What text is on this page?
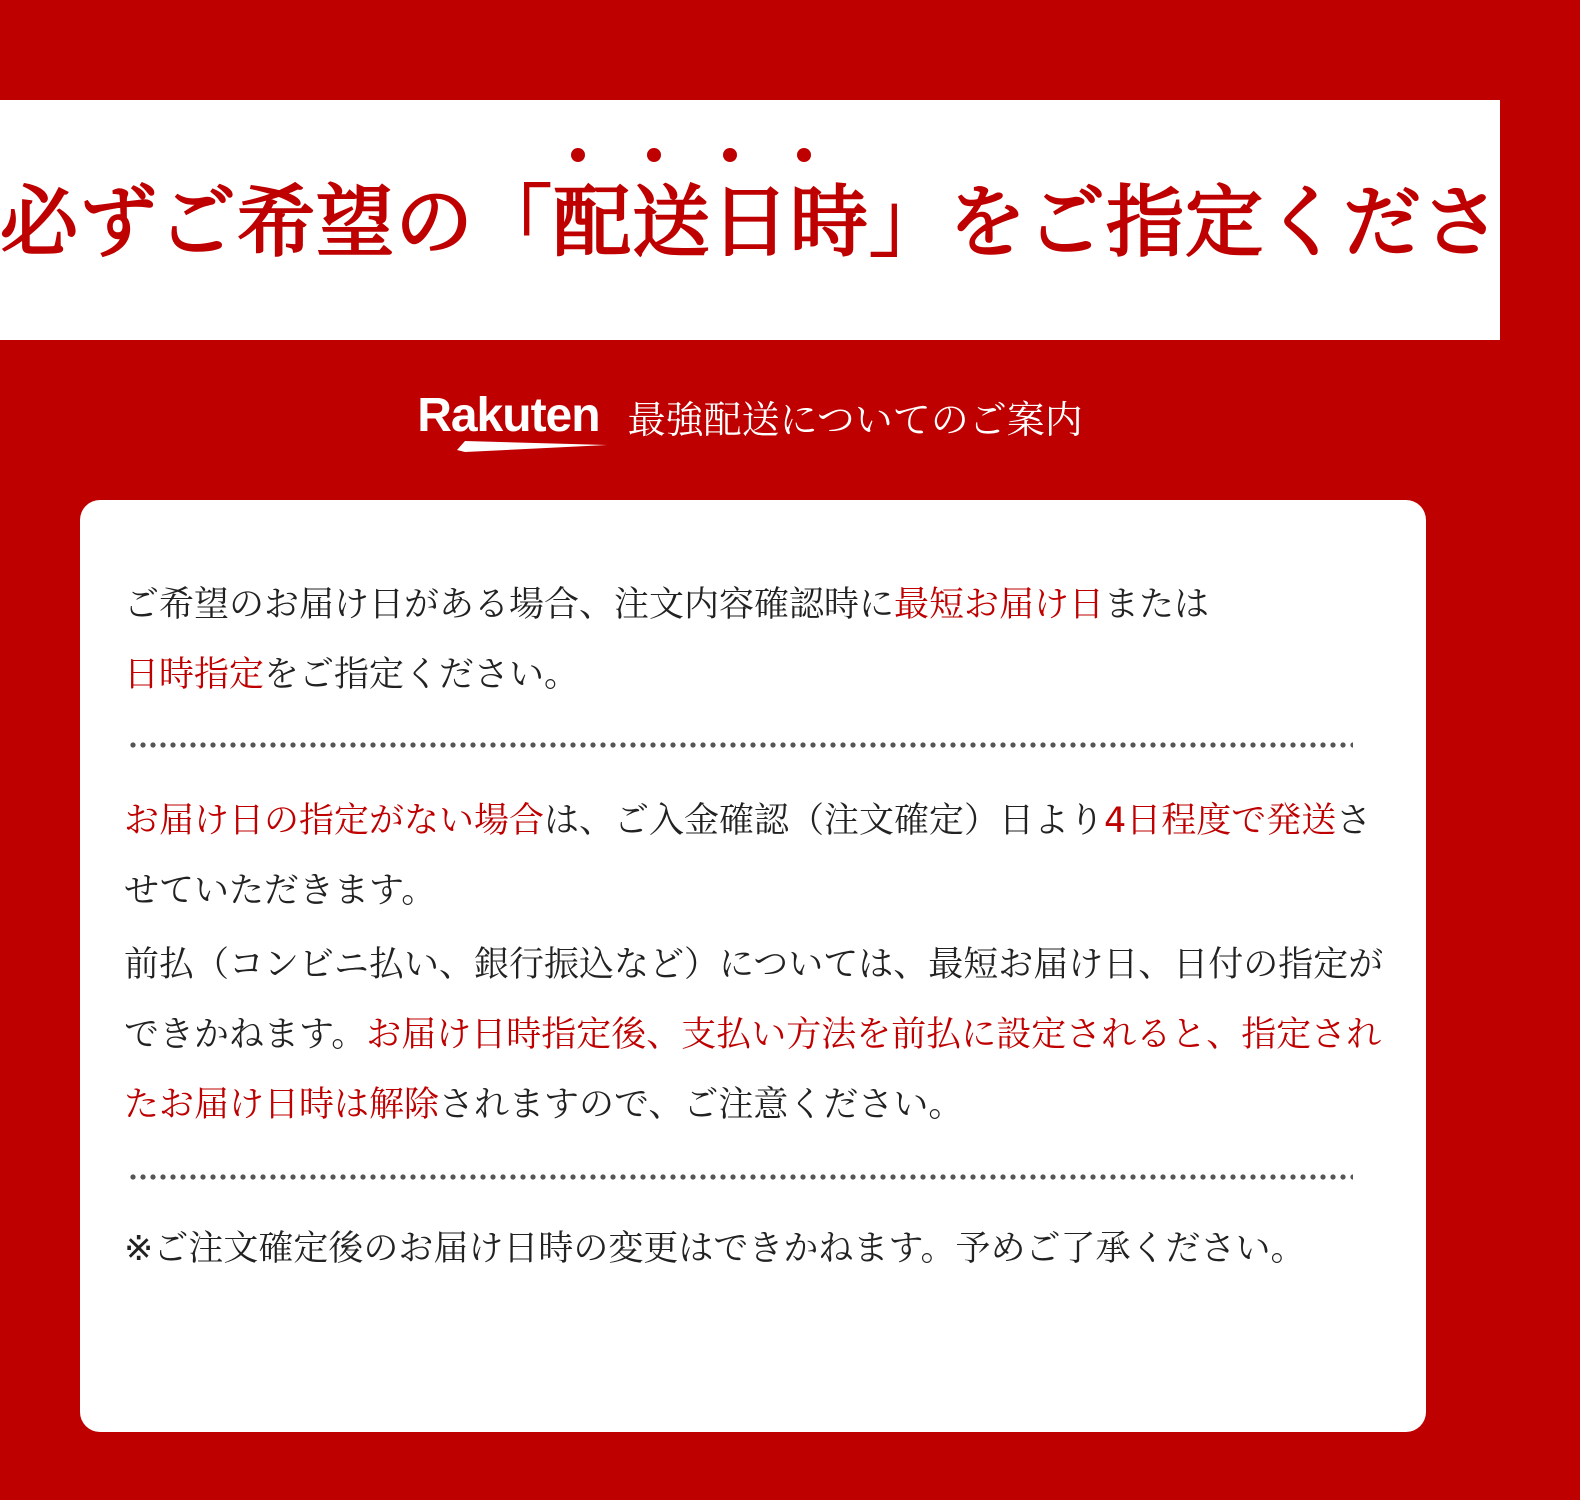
必ずご希望の「配送日時」をご指定ください
Rakuten 最強配送についてのご案内
ご希望のお届け日がある場合、注文内容確認時に最短お届け日または
日時指定をご指定ください。
お届け日の指定がない場合は、ご入金確認（注文確定）日より4日程度で発送させていただきます。
前払（コンビニ払い、銀行振込など）については、最短お届け日、日付の指定ができかねます。お届け日時指定後、支払い方法を前払に設定されると、指定されたお届け日時は解除されますので、ご注意ください。
※ご注文確定後のお届け日時の変更はできかねます。予めご了承ください。
